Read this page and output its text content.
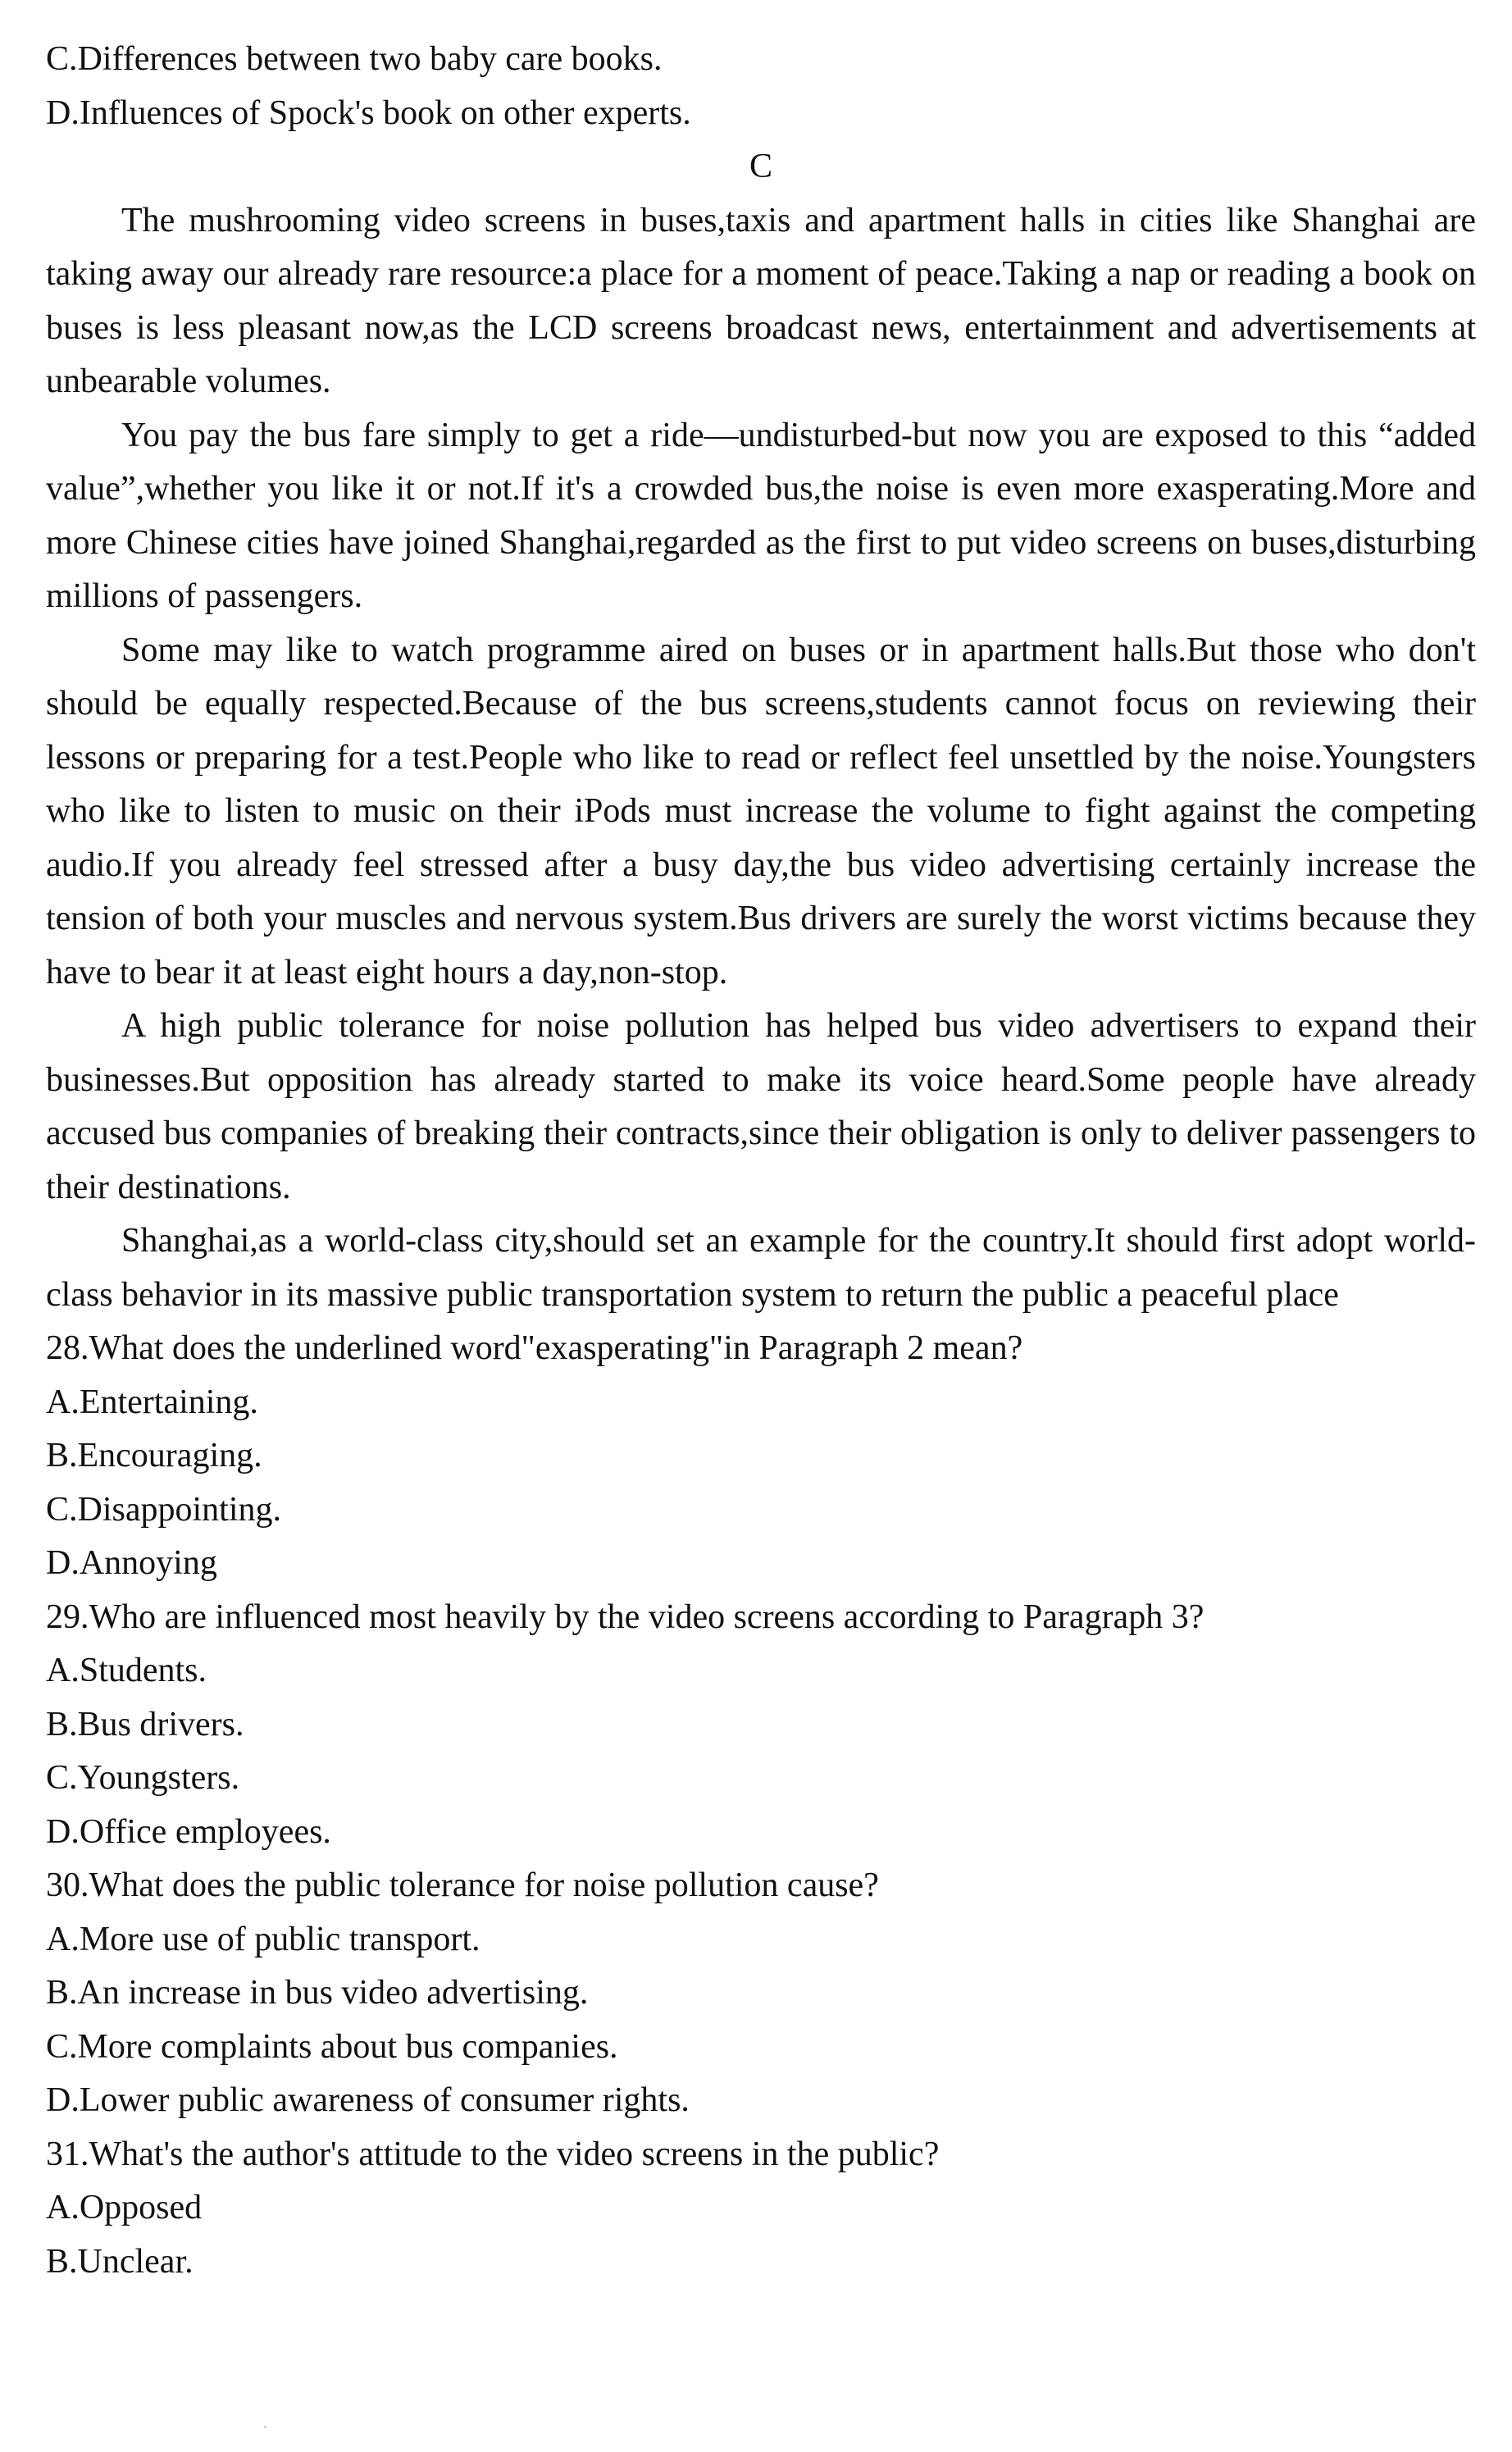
C.Differences between two baby care books.

D.Influences of Spock's book on other experts.

C

The mushrooming video screens in buses,taxis and apartment halls in cities like Shanghai are taking away our already rare resource:a place for a moment of peace.Taking a nap or reading a book on buses is less pleasant now,as the LCD screens broadcast news, entertainment and advertisements at unbearable volumes.

You pay the bus fare simply to get a ride—undisturbed-but now you are exposed to this “added value”,whether you like it or not.If it's a crowded bus,the noise is even more exasperating.More and more Chinese cities have joined Shanghai,regarded as the first to put video screens on buses,disturbing millions of passengers.

Some may like to watch programme aired on buses or in apartment halls.But those who don't should be equally respected.Because of the bus screens,students cannot focus on reviewing their lessons or preparing for a test.People who like to read or reflect feel unsettled by the noise.Youngsters who like to listen to music on their iPods must increase the volume to fight against the competing audio.If you already feel stressed after a busy day,the bus video advertising certainly increase the tension of both your muscles and nervous system.Bus drivers are surely the worst victims because they have to bear it at least eight hours a day,non-stop.

A high public tolerance for noise pollution has helped bus video advertisers to expand their businesses.But opposition has already started to make its voice heard.Some people have already accused bus companies of breaking their contracts,since their obligation is only to deliver passengers to their destinations.

Shanghai,as a world-class city,should set an example for the country.It should first adopt world-class behavior in its massive public transportation system to return the public a peaceful place

28.What does the underlined word"exasperating"in Paragraph 2 mean?

A.Entertaining.

B.Encouraging.

C.Disappointing.

D.Annoying

29.Who are influenced most heavily by the video screens according to Paragraph 3?

A.Students.

B.Bus drivers.

C.Youngsters.

D.Office employees.

30.What does the public tolerance for noise pollution cause?

A.More use of public transport.

B.An increase in bus video advertising.

C.More complaints about bus companies.

D.Lower public awareness of consumer rights.

31.What's the author's attitude to the video screens in the public?

A.Opposed

B.Unclear.
